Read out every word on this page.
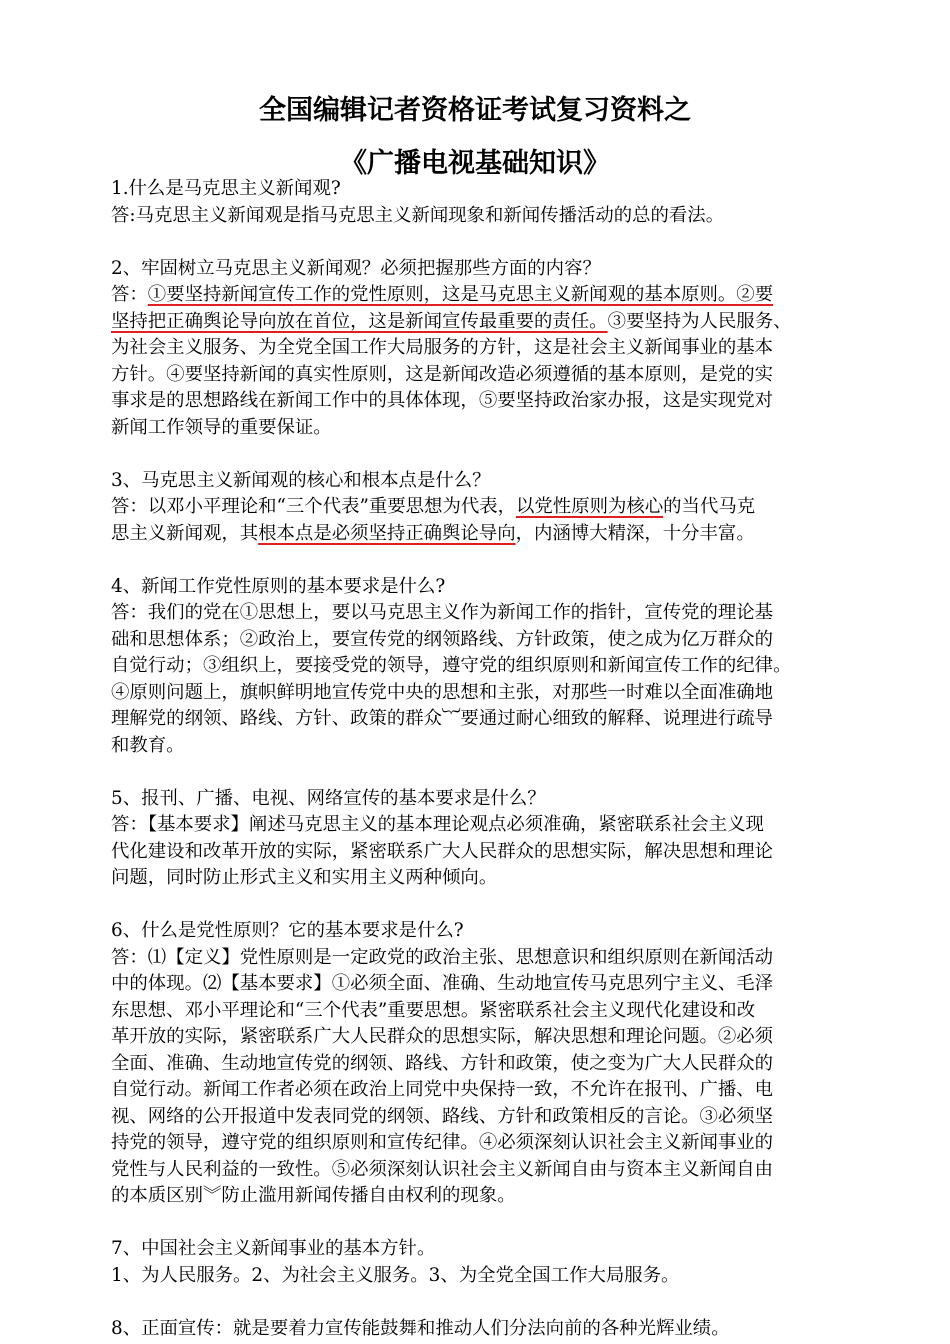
全国编辑记者资格证考试复习资料之
《广播电视基础知识》
1.什么是马克思主义新闻观?
答:马克思主义新闻观是指马克思主义新闻现象和新闻传播活动的总的看法。
2、牢固树立马克思主义新闻观？必须把握那些方面的内容？
答：①要坚持新闻宣传工作的党性原则，这是马克思主义新闻观的基本原则。②要
坚持把正确舆论导向放在首位，这是新闻宣传最重要的责任。③要坚持为人民服务、
为社会主义服务、为全党全国工作大局服务的方针，这是社会主义新闻事业的基本
方针。④要坚持新闻的真实性原则，这是新闻改造必须遵循的基本原则，是党的实
事求是的思想路线在新闻工作中的具体体现，⑤要坚持政治家办报，这是实现党对
新闻工作领导的重要保证。
3、马克思主义新闻观的核心和根本点是什么？
答：以邓小平理论和“三个代表”重要思想为代表，以党性原则为核心的当代马克
思主义新闻观，其根本点是必须坚持正确舆论导向，内涵博大精深，十分丰富。
4、新闻工作党性原则的基本要求是什么?
答：我们的党在①思想上，要以马克思主义作为新闻工作的指针，宣传党的理论基
础和思想体系；②政治上，要宣传党的纲领路线、方针政策，使之成为亿万群众的
自觉行动；③组织上，要接受党的领导，遵守党的组织原则和新闻宣传工作的纪律。
④原则问题上，旗帜鲜明地宣传党中央的思想和主张，对那些一时难以全面准确地
理解党的纲领、路线、方针、政策的群众︸要通过耐心细致的解释、说理进行疏导
和教育。
5、报刊、广播、电视、网络宣传的基本要求是什么？
答：【基本要求】阐述马克思主义的基本理论观点必须准确，紧密联系社会主义现
代化建设和改革开放的实际，紧密联系广大人民群众的思想实际，解决思想和理论
问题，同时防止形式主义和实用主义两种倾向。
6、什么是党性原则？它的基本要求是什么?
答：⑴【定义】党性原则是一定政党的政治主张、思想意识和组织原则在新闻活动
中的体现。⑵【基本要求】①必须全面、准确、生动地宣传马克思列宁主义、毛泽
东思想、邓小平理论和“三个代表”重要思想。紧密联系社会主义现代化建设和改
革开放的实际，紧密联系广大人民群众的思想实际，解决思想和理论问题。②必须
全面、准确、生动地宣传党的纲领、路线、方针和政策，使之变为广大人民群众的
自觉行动。新闻工作者必须在政治上同党中央保持一致，不允许在报刊、广播、电
视、网络的公开报道中发表同党的纲领、路线、方针和政策相反的言论。③必须坚
持党的领导，遵守党的组织原则和宣传纪律。④必须深刻认识社会主义新闻事业的
党性与人民利益的一致性。⑤必须深刻认识社会主义新闻自由与资本主义新闻自由
的本质区别︾防止滥用新闻传播自由权利的现象。
7、中国社会主义新闻事业的基本方针。
1、为人民服务。2、为社会主义服务。3、为全党全国工作大局服务。
8、正面宣传：就是要着力宣传能鼓舞和推动人们分法向前的各种光辉业绩。
